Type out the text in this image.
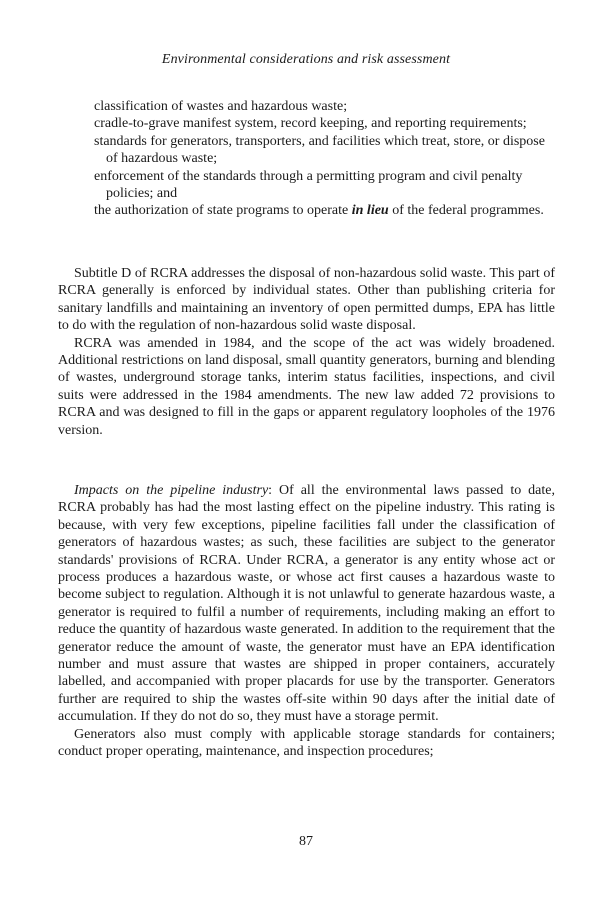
Environmental considerations and risk assessment

classification of wastes and hazardous waste;

cradle-to-grave manifest system, record keeping, and reporting requirements;

standards for generators, transporters, and facilities which treat, store, or dispose of hazardous waste;

enforcement of the standards through a permitting program and civil penalty policies; and

the authorization of state programs to operate in lieu of the federal programmes.

Subtitle D of RCRA addresses the disposal of non-hazardous solid waste. This part of RCRA generally is enforced by individual states. Other than publishing criteria for sanitary landfills and maintaining an inventory of open permitted dumps, EPA has little to do with the regulation of non-hazardous solid waste disposal.

RCRA was amended in 1984, and the scope of the act was widely broadened. Additional restrictions on land disposal, small quantity generators, burning and blending of wastes, underground storage tanks, interim status facilities, inspections, and civil suits were addressed in the 1984 amendments. The new law added 72 provisions to RCRA and was designed to fill in the gaps or apparent regulatory loopholes of the 1976 version.

Impacts on the pipeline industry: Of all the environmental laws passed to date, RCRA probably has had the most lasting effect on the pipeline industry. This rating is because, with very few exceptions, pipeline facilities fall under the classification of generators of hazardous wastes; as such, these facilities are subject to the generator standards' provisions of RCRA. Under RCRA, a generator is any entity whose act or process produces a hazardous waste, or whose act first causes a hazardous waste to become subject to regulation. Although it is not unlawful to generate hazardous waste, a generator is required to fulfil a number of requirements, including making an effort to reduce the quantity of hazardous waste generated. In addition to the requirement that the generator reduce the amount of waste, the generator must have an EPA identification number and must assure that wastes are shipped in proper containers, accurately labelled, and accompanied with proper placards for use by the transporter. Generators further are required to ship the wastes off-site within 90 days after the initial date of accumulation. If they do not do so, they must have a storage permit.

Generators also must comply with applicable storage standards for containers; conduct proper operating, maintenance, and inspection procedures;

87
